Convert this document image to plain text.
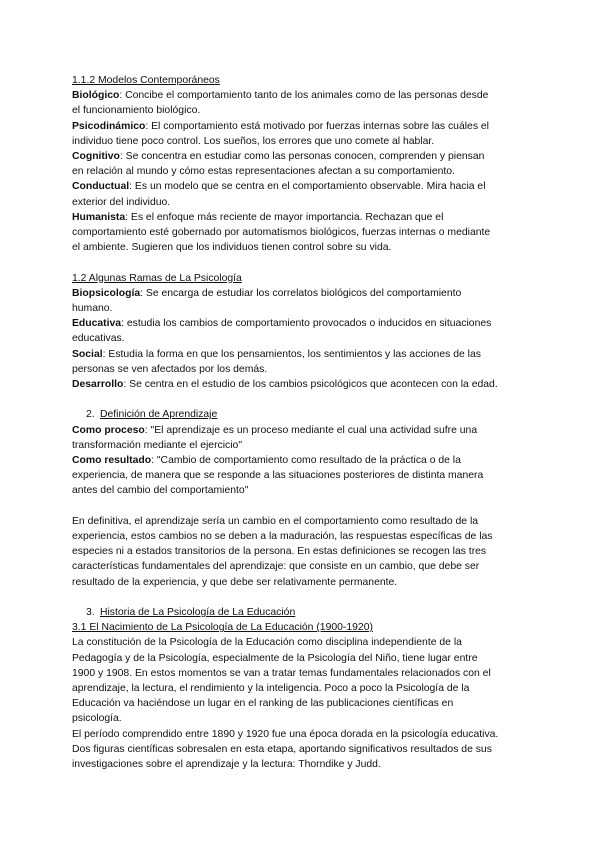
1.1.2 Modelos Contemporáneos
Biológico: Concibe el comportamiento tanto de los animales como de las personas desde
el funcionamiento biológico.
Psicodinámico: El comportamiento está motivado por fuerzas internas sobre las cuáles el
individuo tiene poco control. Los sueños, los errores que uno comete al hablar.
Cognitivo: Se concentra en estudiar como las personas conocen, comprenden y piensan
en relación al mundo y cómo estas representaciones afectan a su comportamiento.
Conductual: Es un modelo que se centra en el comportamiento observable. Mira hacia el
exterior del individuo.
Humanista: Es el enfoque más reciente de mayor importancia. Rechazan que el
comportamiento esté gobernado por automatismos biológicos, fuerzas internas o mediante
el ambiente. Sugieren que los individuos tienen control sobre su vida.
1.2 Algunas Ramas de La Psicología
Biopsicología: Se encarga de estudiar los correlatos biológicos del comportamiento
humano.
Educativa: estudia los cambios de comportamiento provocados o inducidos en situaciones
educativas.
Social: Estudia la forma en que los pensamientos, los sentimientos y las acciones de las
personas se ven afectados por los demás.
Desarrollo: Se centra en el estudio de los cambios psicológicos que acontecen con la edad.
2. Definición de Aprendizaje
Como proceso: "El aprendizaje es un proceso mediante el cual una actividad sufre una
transformación mediante el ejercicio"
Como resultado: "Cambio de comportamiento como resultado de la práctica o de la
experiencia, de manera que se responde a las situaciones posteriores de distinta manera
antes del cambio del comportamiento"
En definitiva, el aprendizaje sería un cambio en el comportamiento como resultado de la
experiencia, estos cambios no se deben a la maduración, las respuestas específicas de las
especies ni a estados transitorios de la persona. En estas definiciones se recogen las tres
características fundamentales del aprendizaje: que consiste en un cambio, que debe ser
resultado de la experiencia, y que debe ser relativamente permanente.
3. Historia de La Psicología de La Educación
3.1 El Nacimiento de La Psicología de La Educación (1900-1920)
La constitución de la Psicología de la Educación como disciplina independiente de la
Pedagogía y de la Psicología, especialmente de la Psicología del Niño, tiene lugar entre
1900 y 1908. En estos momentos se van a tratar temas fundamentales relacionados con el
aprendizaje, la lectura, el rendimiento y la inteligencia. Poco a poco la Psicología de la
Educación va haciéndose un lugar en el ranking de las publicaciones científicas en
psicología.
El período comprendido entre 1890 y 1920 fue una época dorada en la psicología educativa.
Dos figuras científicas sobresalen en esta etapa, aportando significativos resultados de sus
investigaciones sobre el aprendizaje y la lectura: Thorndike y Judd.
